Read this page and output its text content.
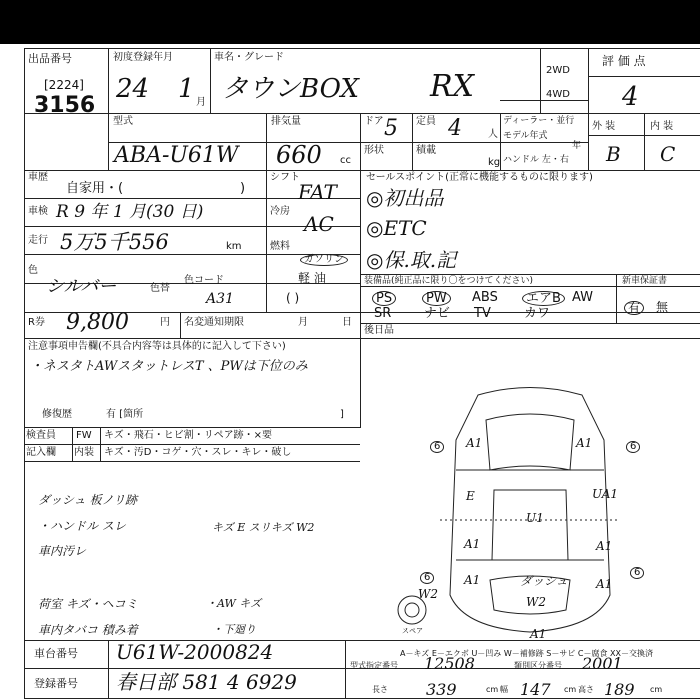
出品番号
[2224]
3156
初度登録年月
24 1 月
車名・グレード
タウンBOX RX	2WD
4WD
評 価 点
4
外 装	内 装
B C
型式
ABA-U61W
排気量
660 cc
ドア 5 定員 4	人
形状	積載
kg
ディーラー・並行
モデル年式
年
ハンドル 左・右
車歴
自家用・(	)
車検 R 9 年 1 月(30 日)
走行 5万5千556	km
色
シルバー	色替
色コード
A31
シフト
FAT
冷房
AC
燃料
ガソリン
軽 油
( )
R券 9,800	円 名変通知期限	月	日
セールスポイント(正常に機能するものに限ります)
◎初出品
◎ETC
◎保.取.記
装備品(純正品に限り〇をつけてください)	新車保証書
有	無
後日品
注意事項申告欄(不具合内容等は具体的に記入して下さい)
・ネスタトAWスタットレスT 、PWは下位のみ
修復歴	有 [箇所	]
検査員
記入欄
FW キズ・飛石・ヒビ割・リペア跡・×要
内装 キズ・汚D・コゲ・穴・スレ・キレ・破し
ダッシュ 板ノリ跡
・ハンドル スレ
車内汚レ
荷室 キズ・ヘコミ
車内タバコ 積み着
キズ E スリキズ W2
・AW キズ
・下廻り
6
6	6
6
スペア
A－キズ E－エクボ U－凹み W－補修跡 S－サビ C－腐食 XX－交換済
車台番号 U61W-2000824
登録番号 春日部 581 4 6929
型式指定番号 12508	類別区分番号 2001
長さ 339	cm 幅 147 cm 高さ 189 cm
PS	PW	ABS	エアB AW
SR	ナビ TV	カワ
A1	A1
E
U1
A1
UA1
A1
A1
W2
W2
ダッシュ
A1
A1
